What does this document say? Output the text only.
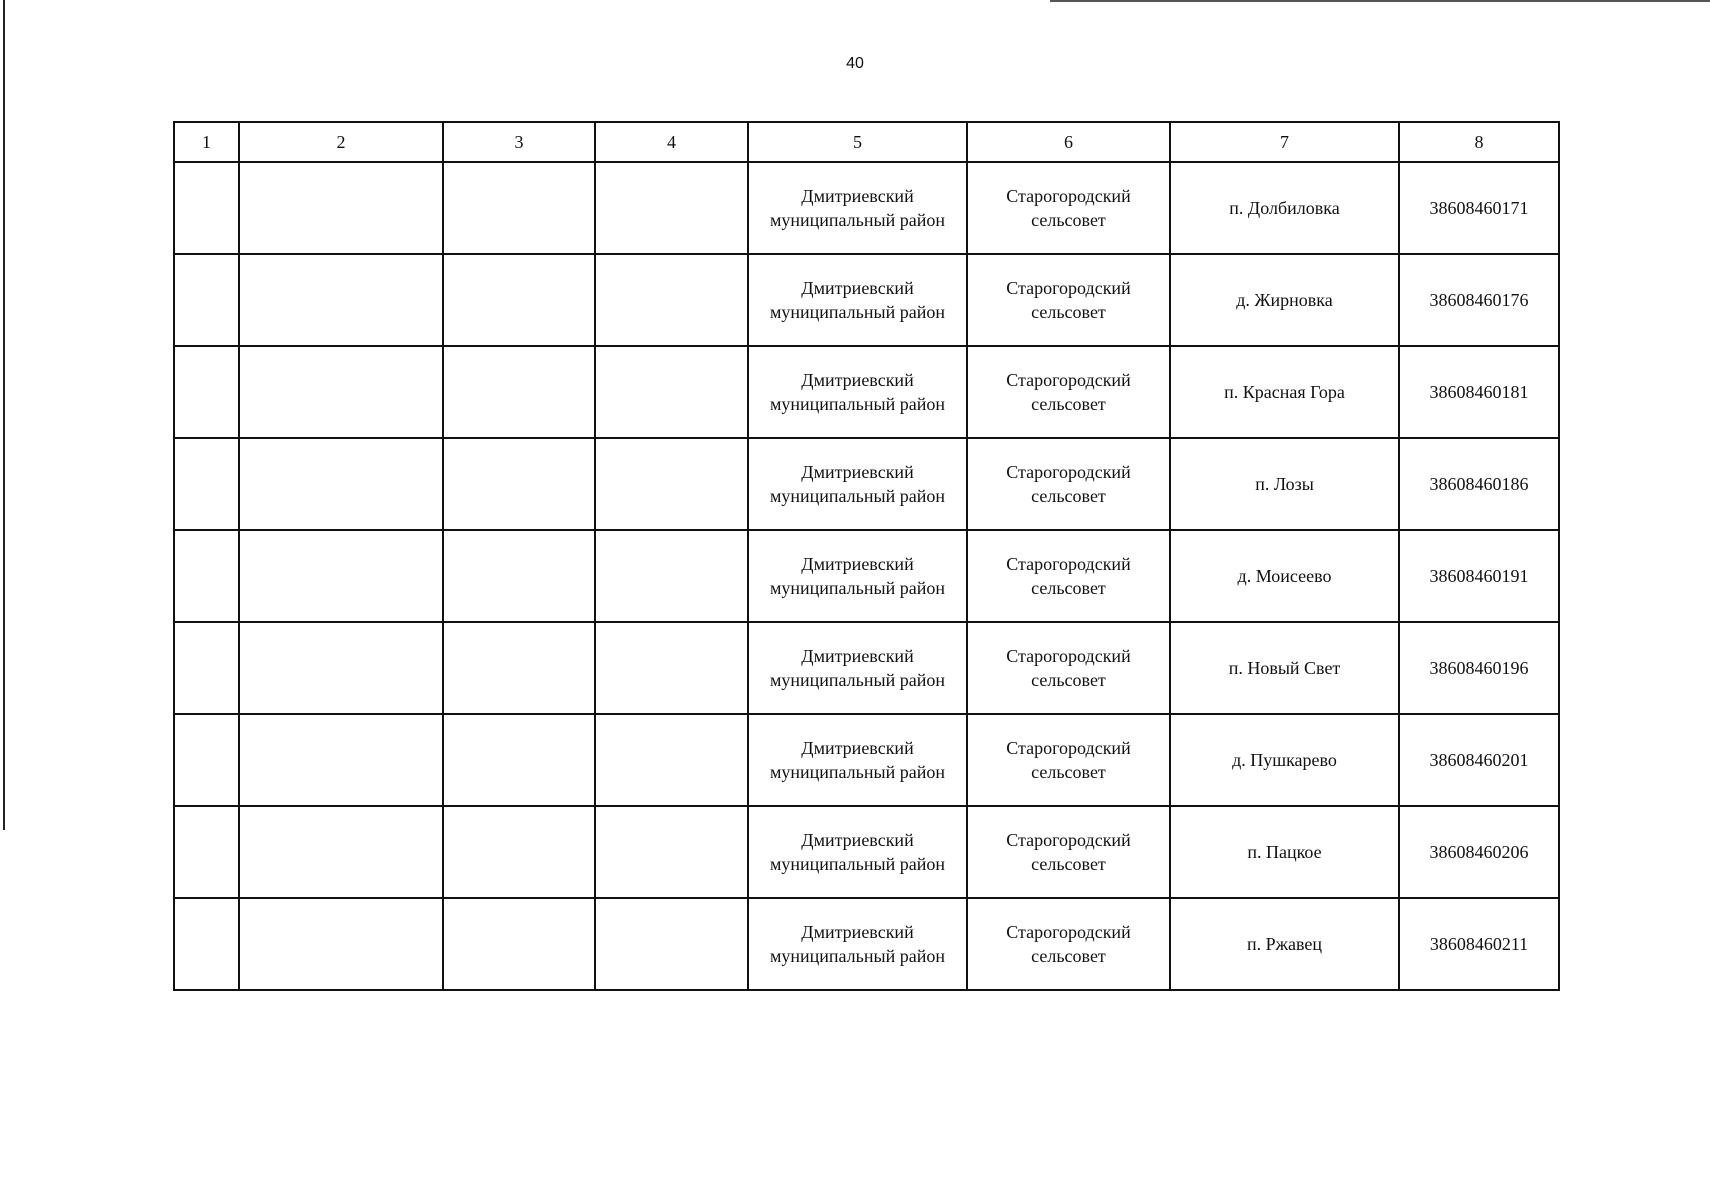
40
1	2	3	4	5	6	7	8

				Дмитриевский
муниципальный район	Старогородский
сельсовет	п. Долбиловка	38608460171

				Дмитриевский
муниципальный район	Старогородский
сельсовет	д. Жирновка	38608460176

				Дмитриевский
муниципальный район	Старогородский
сельсовет	п. Красная Гора	38608460181

				Дмитриевский
муниципальный район	Старогородский
сельсовет	п. Лозы	38608460186

				Дмитриевский
муниципальный район	Старогородский
сельсовет	д. Моисеево	38608460191

				Дмитриевский
муниципальный район	Старогородский
сельсовет	п. Новый Свет	38608460196

				Дмитриевский
муниципальный район	Старогородский
сельсовет	д. Пушкарево	38608460201

				Дмитриевский
муниципальный район	Старогородский
сельсовет	п. Пацкое	38608460206

				Дмитриевский
муниципальный район	Старогородский
сельсовет	п. Ржавец	38608460211
